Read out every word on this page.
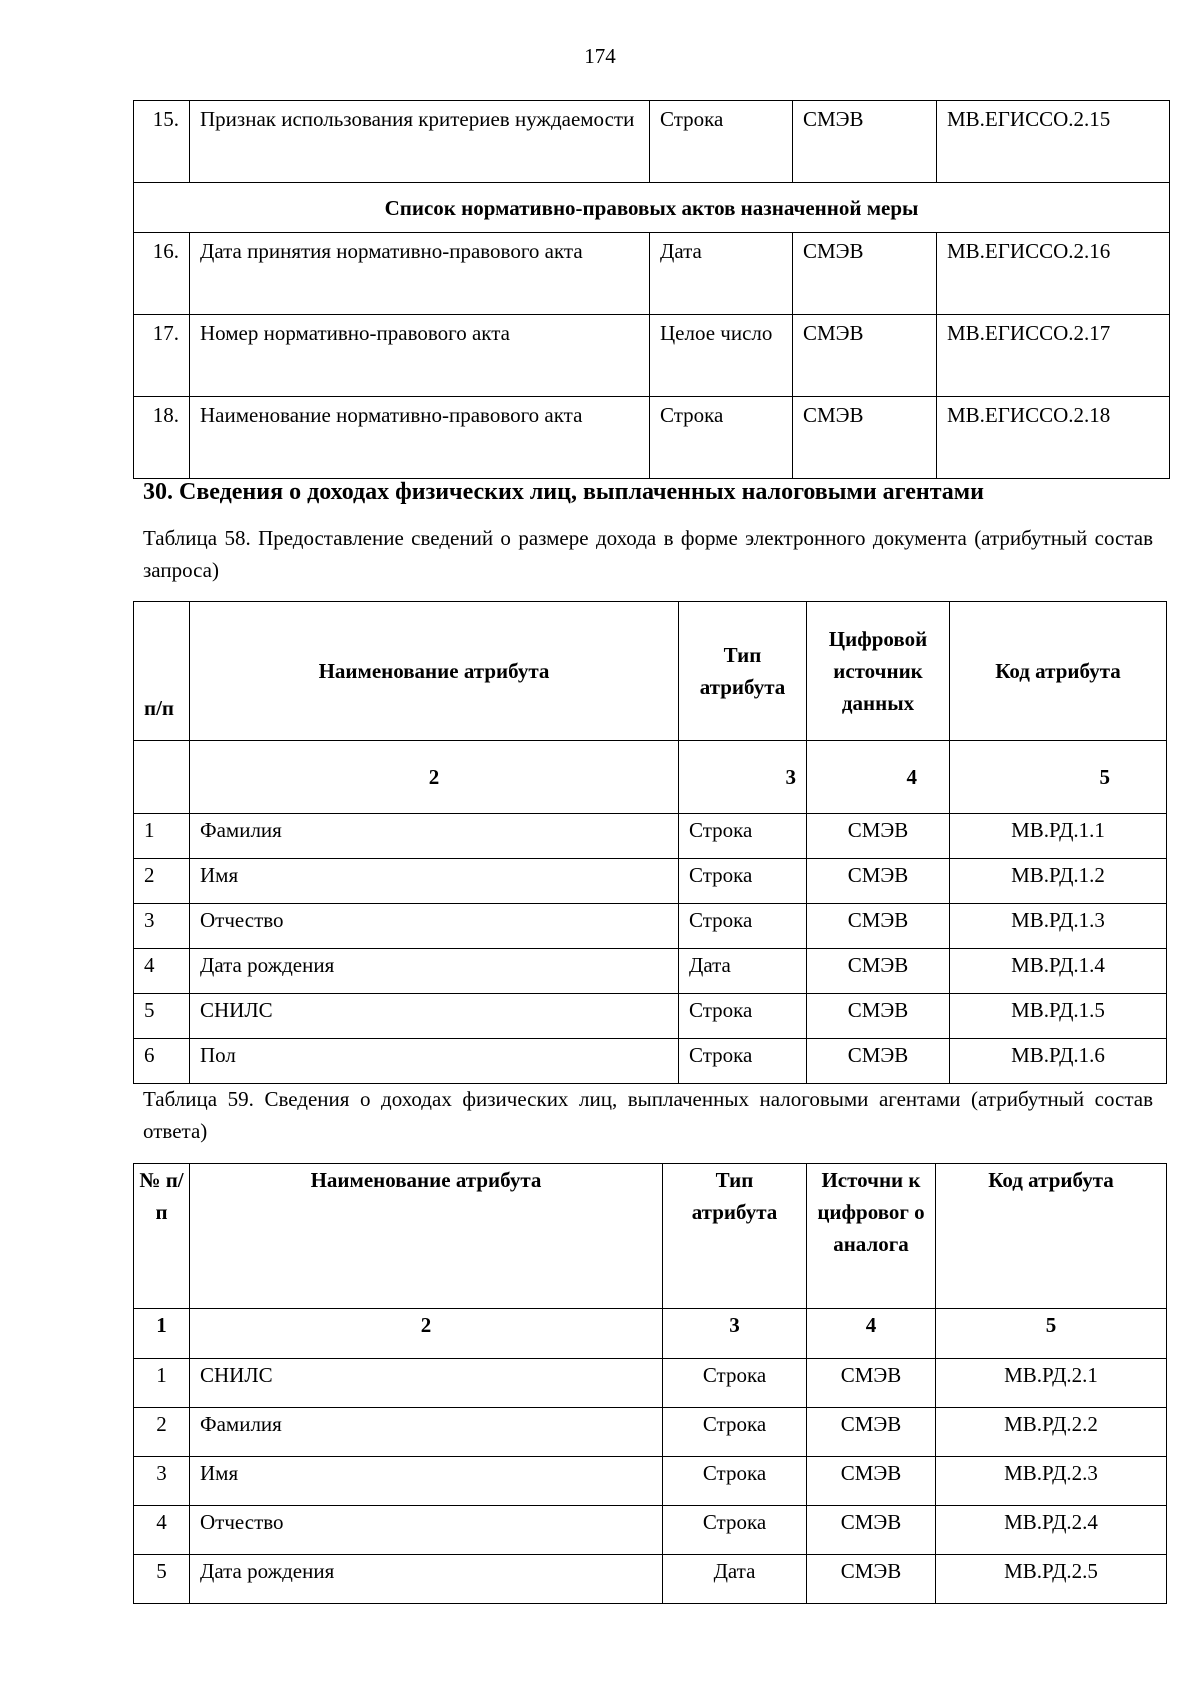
174
15.	Признак использования критериев нуждаемости	Строка	СМЭВ	МВ.ЕГИССО.2.15
Список нормативно-правовых актов назначенной меры				
16.	Дата принятия нормативно-правового акта	Дата	СМЭВ	МВ.ЕГИССО.2.16
17.	Номер нормативно-правового акта	Целое число	СМЭВ	МВ.ЕГИССО.2.17
18.	Наименование нормативно-правового акта	Строка	СМЭВ	МВ.ЕГИССО.2.18
30. Сведения о доходах физических лиц, выплаченных налоговыми агентами
Таблица 58. Предоставление сведений о размере дохода в форме электронного документа (атрибутный состав запроса)
п/п	Наименование атрибута	Тип атрибута	Цифровой источник данных	Код атрибута
	2	3	4	5
1	Фамилия	Строка	СМЭВ	МВ.РД.1.1
2	Имя	Строка	СМЭВ	МВ.РД.1.2
3	Отчество	Строка	СМЭВ	МВ.РД.1.3
4	Дата рождения	Дата	СМЭВ	МВ.РД.1.4
5	СНИЛС	Строка	СМЭВ	МВ.РД.1.5
6	Пол	Строка	СМЭВ	МВ.РД.1.6
Таблица 59. Сведения о доходах физических лиц, выплаченных налоговыми агентами (атрибутный состав ответа)
№ п/п	Наименование атрибута	Тип атрибута	Источни к цифровог о аналога	Код атрибута
1	2	3	4	5
1	СНИЛС	Строка	СМЭВ	МВ.РД.2.1
2	Фамилия	Строка	СМЭВ	МВ.РД.2.2
3	Имя	Строка	СМЭВ	МВ.РД.2.3
4	Отчество	Строка	СМЭВ	МВ.РД.2.4
5	Дата рождения	Дата	СМЭВ	МВ.РД.2.5
